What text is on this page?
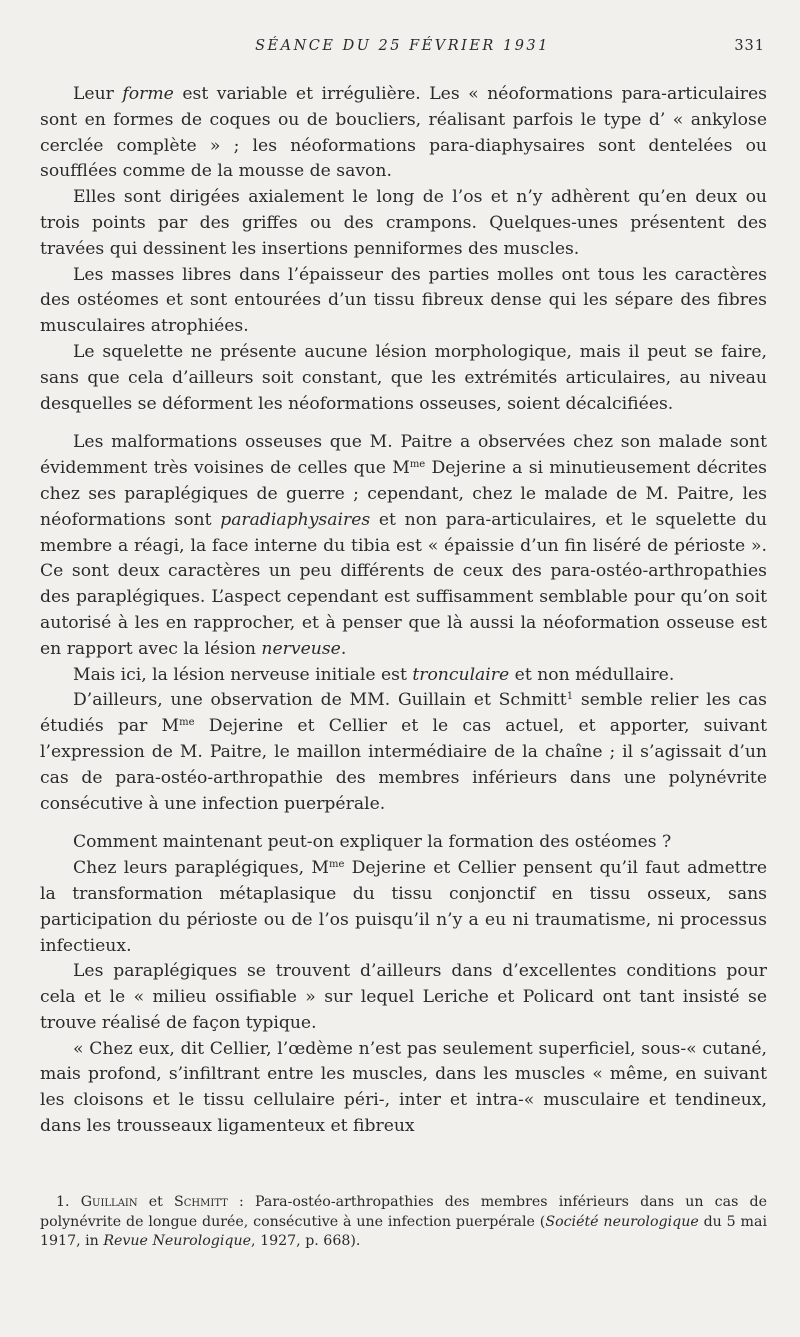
SÉANCE DU 25 FÉVRIER 1931	331

Leur forme est variable et irrégulière. Les « néoformations para-articulaires sont en formes de coques ou de boucliers, réalisant parfois le type d’ « ankylose cerclée complète » ; les néoformations para-diaphysaires sont dentelées ou soufflées comme de la mousse de savon.

Elles sont dirigées axialement le long de l’os et n’y adhèrent qu’en deux ou trois points par des griffes ou des crampons. Quelques-unes présentent des travées qui dessinent les insertions penniformes des muscles.

Les masses libres dans l’épaisseur des parties molles ont tous les caractères des ostéomes et sont entourées d’un tissu fibreux dense qui les sépare des fibres musculaires atrophiées.

Le squelette ne présente aucune lésion morphologique, mais il peut se faire, sans que cela d’ailleurs soit constant, que les extrémités articulaires, au niveau desquelles se déforment les néoformations osseuses, soient décalcifiées.

Les malformations osseuses que M. Paitre a observées chez son malade sont évidemment très voisines de celles que $M^{me}$ Dejerine a si minutieusement décrites chez ses paraplégiques de guerre ; cependant, chez le malade de M. Paitre, les néoformations sont paradiaphysaires et non para-articulaires, et le squelette du membre a réagi, la face interne du tibia est « épaissie d’un fin liséré de périoste ». Ce sont deux caractères un peu différents de ceux des para-ostéo-arthropathies des paraplégiques. L’aspect cependant est suffisamment semblable pour qu’on soit autorisé à les en rapprocher, et à penser que là aussi la néoformation osseuse est en rapport avec la lésion nerveuse.

Mais ici, la lésion nerveuse initiale est tronculaire et non médullaire.

D’ailleurs, une observation de MM. Guillain et Schmitt$^1$ semble relier les cas étudiés par $M^{me}$ Dejerine et Cellier et le cas actuel, et apporter, suivant l’expression de M. Paitre, le maillon intermédiaire de la chaîne ; il s’agissait d’un cas de para-ostéo-arthropathie des membres inférieurs dans une polynévrite consécutive à une infection puerpérale.

Comment maintenant peut-on expliquer la formation des ostéomes ?

Chez leurs paraplégiques, $M^{me}$ Dejerine et Cellier pensent qu’il faut admettre la transformation métaplasique du tissu conjonctif en tissu osseux, sans participation du périoste ou de l’os puisqu’il n’y a eu ni traumatisme, ni processus infectieux.

Les paraplégiques se trouvent d’ailleurs dans d’excellentes conditions pour cela et le « milieu ossifiable » sur lequel Leriche et Policard ont tant insisté se trouve réalisé de façon typique.

« Chez eux, dit Cellier, l’œdème n’est pas seulement superficiel, sous-« cutané, mais profond, s’infiltrant entre les muscles, dans les muscles « même, en suivant les cloisons et le tissu cellulaire péri-, inter et intra-« musculaire et tendineux, dans les trousseaux ligamenteux et fibreux

1. Guillain et Schmitt : Para-ostéo-arthropathies des membres inférieurs dans un cas de polynévrite de longue durée, consécutive à une infection puerpérale (Société neurologique du 5 mai 1917, in Revue Neurologique, 1927, p. 668).
